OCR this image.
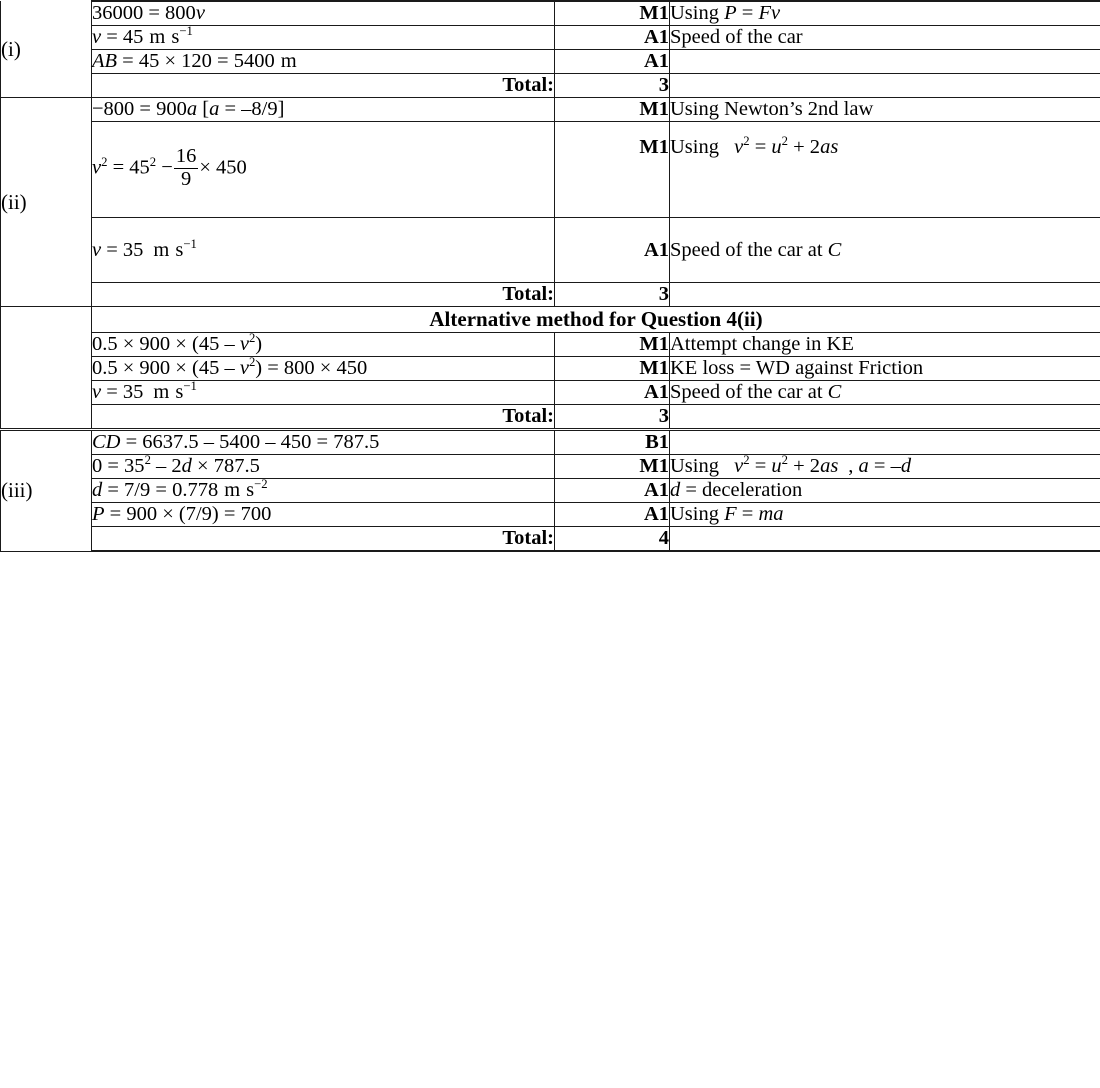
(i)	36000 = 800v	M1	Using P = Fv
	v = 45 m $s^{-1}$	A1	Speed of the car
	AB = 45 × 120 = 5400 m	A1	
	Total:	3	
(ii)	−800 = 900a [a = –8/9]	M1	Using Newton’s 2nd law
	$v^2 = 45^2 - \frac{16}{9} \times 450$	M1	Using $v^2 = u^2 + 2as$
	v = 35 m $s^{-1}$	A1	Speed of the car at C
	Total:	3	
	Alternative method for Question 4(ii)		
	$0.5 \times 900 \times (45 - v^2)$	M1	Attempt change in KE
	$0.5 \times 900 \times (45 - v^2) = 800 \times 450$	M1	KE loss = WD against Friction
	v = 35 m $s^{-1}$	A1	Speed of the car at C
	Total:	3	
(iii)	CD = 6637.5 – 5400 – 450 = 787.5	B1	
	$0 = 35^2 - 2d \times 787.5$	M1	Using $v^2 = u^2 + 2as$ , a = –d
	d = 7/9 = 0.778 m $s^{-2}$	A1	d = deceleration
	P = 900 × (7/9) = 700	A1	Using F = ma
	Total:	4	
